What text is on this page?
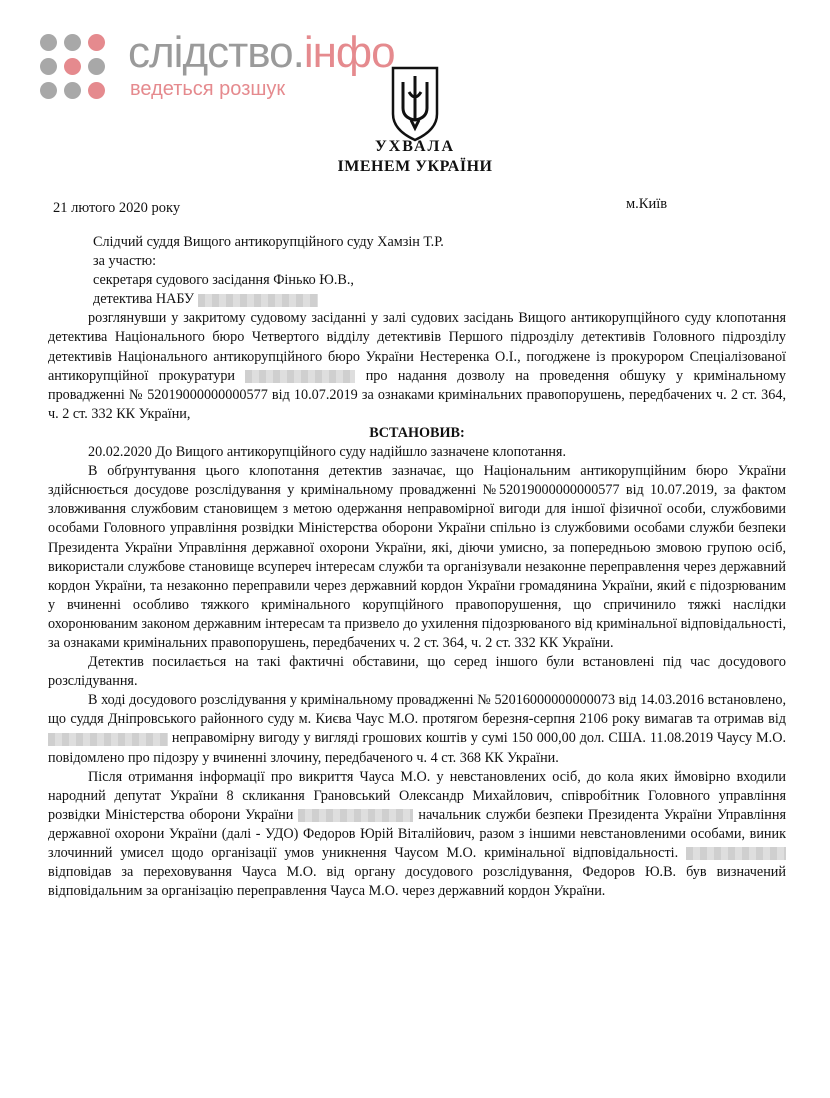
слідство.інфо
ведеться розшук
УХВАЛА
ІМЕНЕМ УКРАЇНИ
21 лютого 2020 року	м.Київ

Слідчий суддя Вищого антикорупційного суду Хамзін Т.Р.

за участю:

секретаря судового засідання Фінько Ю.В.,

детектива НАБУ

розглянувши у закритому судовому засіданні у залі судових засідань Вищого антикорупційного суду клопотання детектива Національного бюро Четвертого відділу детективів Першого підрозділу детективів Головного підрозділу детективів Національного антикорупційного бюро України Нестеренка О.І., погоджене із прокурором Спеціалізованої антикорупційної прокуратури	про надання дозволу на проведення обшуку у кримінальному провадженні № 52019000000000577 від 10.07.2019 за ознаками кримінальних правопорушень, передбачених ч. 2 ст. 364, ч. 2 ст. 332 КК України,

ВСТАНОВИВ:

20.02.2020 До Вищого антикорупційного суду надійшло зазначене клопотання.

В обґрунтування цього клопотання детектив зазначає, що Національним антикорупційним бюро України здійснюється досудове розслідування у кримінальному провадженні №52019000000000577 від 10.07.2019, за фактом зловживання службовим становищем з метою одержання неправомірної вигоди для іншої фізичної особи, службовими особами Головного управління розвідки Міністерства оборони України спільно із службовими особами служби безпеки Президента України Управління державної охорони України, які, діючи умисно, за попередньою змовою групою осіб, використали службове становище всупереч інтересам служби та організували незаконне переправлення через державний кордон України, та незаконно переправили через державний кордон України громадянина України, який є підозрюваним у вчиненні особливо тяжкого кримінального корупційного правопорушення, що спричинило тяжкі наслідки охоронюваним законом державним інтересам та призвело до ухилення підозрюваного від кримінальної відповідальності, за ознаками кримінальних правопорушень, передбачених ч. 2 ст. 364, ч. 2 ст. 332 КК України.

Детектив посилається на такі фактичні обставини, що серед іншого були встановлені під час досудового розслідування.

В ході досудового розслідування у кримінальному провадженні № 52016000000000073 від 14.03.2016 встановлено, що суддя Дніпровського районного суду м. Києва Чаус М.О. протягом березня-серпня 2106 року вимагав та отримав від  неправомірну вигоду у вигляді грошових коштів у сумі 150 000,00 дол. США. 11.08.2019 Чаусу М.О. повідомлено про підозру у вчиненні злочину, передбаченого ч. 4 ст. 368 КК України.

Після отримання інформації про викриття Чауса М.О. у невстановлених осіб, до кола яких ймовірно входили народний депутат України 8 скликання Грановський Олександр Михайлович, співробітник Головного управління розвідки Міністерства оборони України	начальник служби безпеки Президента України Управління державної охорони України (далі - УДО) Федоров Юрій Віталійович, разом з іншими невстановленими особами, виник злочинний умисел щодо організації умов уникнення Чаусом М.О. кримінальної відповідальності.  відповідав за переховування Чауса М.О. від органу досудового розслідування, Федоров Ю.В. був визначений відповідальним за організацію переправлення Чауса М.О. через державний кордон України.
